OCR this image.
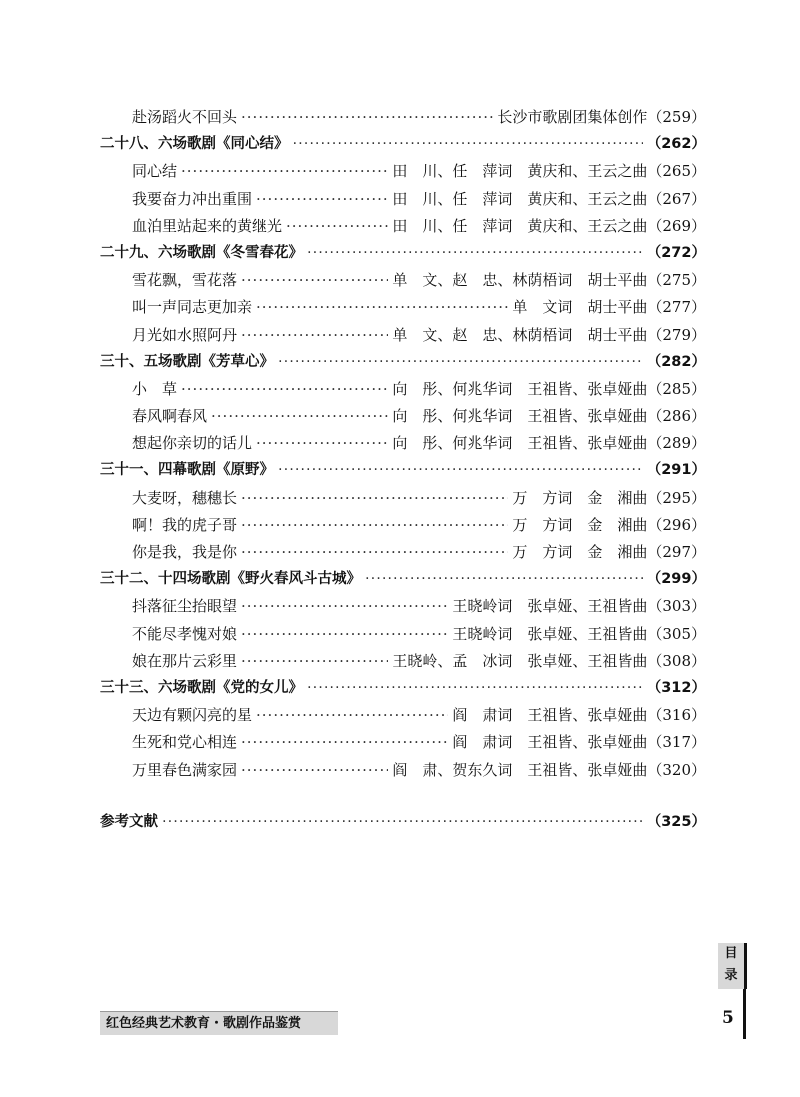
赴汤蹈火不回头 ·····	长沙市歌剧团集体创作 （259）
二十八、六场歌剧《同心结》 ·····	（262）
同心结 ·····	田　川、任　萍词　黄庆和、王云之曲 （265）
我要奋力冲出重围 ·····	田　川、任　萍词　黄庆和、王云之曲 （267）
血泊里站起来的黄继光 ·····	田　川、任　萍词　黄庆和、王云之曲 （269）
二十九、六场歌剧《冬雪春花》 ·····	（272）
雪花飘，雪花落 ·····	单　文、赵　忠、林荫梧词　胡士平曲 （275）
叫一声同志更加亲 ·····	单　文词　胡士平曲 （277）
月光如水照阿丹 ·····	单　文、赵　忠、林荫梧词　胡士平曲 （279）
三十、五场歌剧《芳草心》 ·····	（282）
小　草 ·····	向　彤、何兆华词　王祖皆、张卓娅曲 （285）
春风啊春风 ·····	向　彤、何兆华词　王祖皆、张卓娅曲 （286）
想起你亲切的话儿 ·····	向　彤、何兆华词　王祖皆、张卓娅曲 （289）
三十一、四幕歌剧《原野》 ·····	（291）
大麦呀，穗穗长 ·····	万　方词　金　湘曲 （295）
啊！我的虎子哥 ·····	万　方词　金　湘曲 （296）
你是我，我是你 ·····	万　方词　金　湘曲 （297）
三十二、十四场歌剧《野火春风斗古城》 ·····	（299）
抖落征尘抬眼望 ·····	王晓岭词　张卓娅、王祖皆曲 （303）
不能尽孝愧对娘 ·····	王晓岭词　张卓娅、王祖皆曲 （305）
娘在那片云彩里 ·····	王晓岭、孟　冰词　张卓娅、王祖皆曲 （308）
三十三、六场歌剧《党的女儿》 ·····	（312）
天边有颗闪亮的星 ·····	阎　肃词　王祖皆、张卓娅曲 （316）
生死和党心相连 ·····	阎　肃词　王祖皆、张卓娅曲 （317）
万里春色满家园 ·····	阎　肃、贺东久词　王祖皆、张卓娅曲 （320）
参考文献 ·····	（325）
目
录
5
红色经典艺术教育・歌剧作品鉴赏
